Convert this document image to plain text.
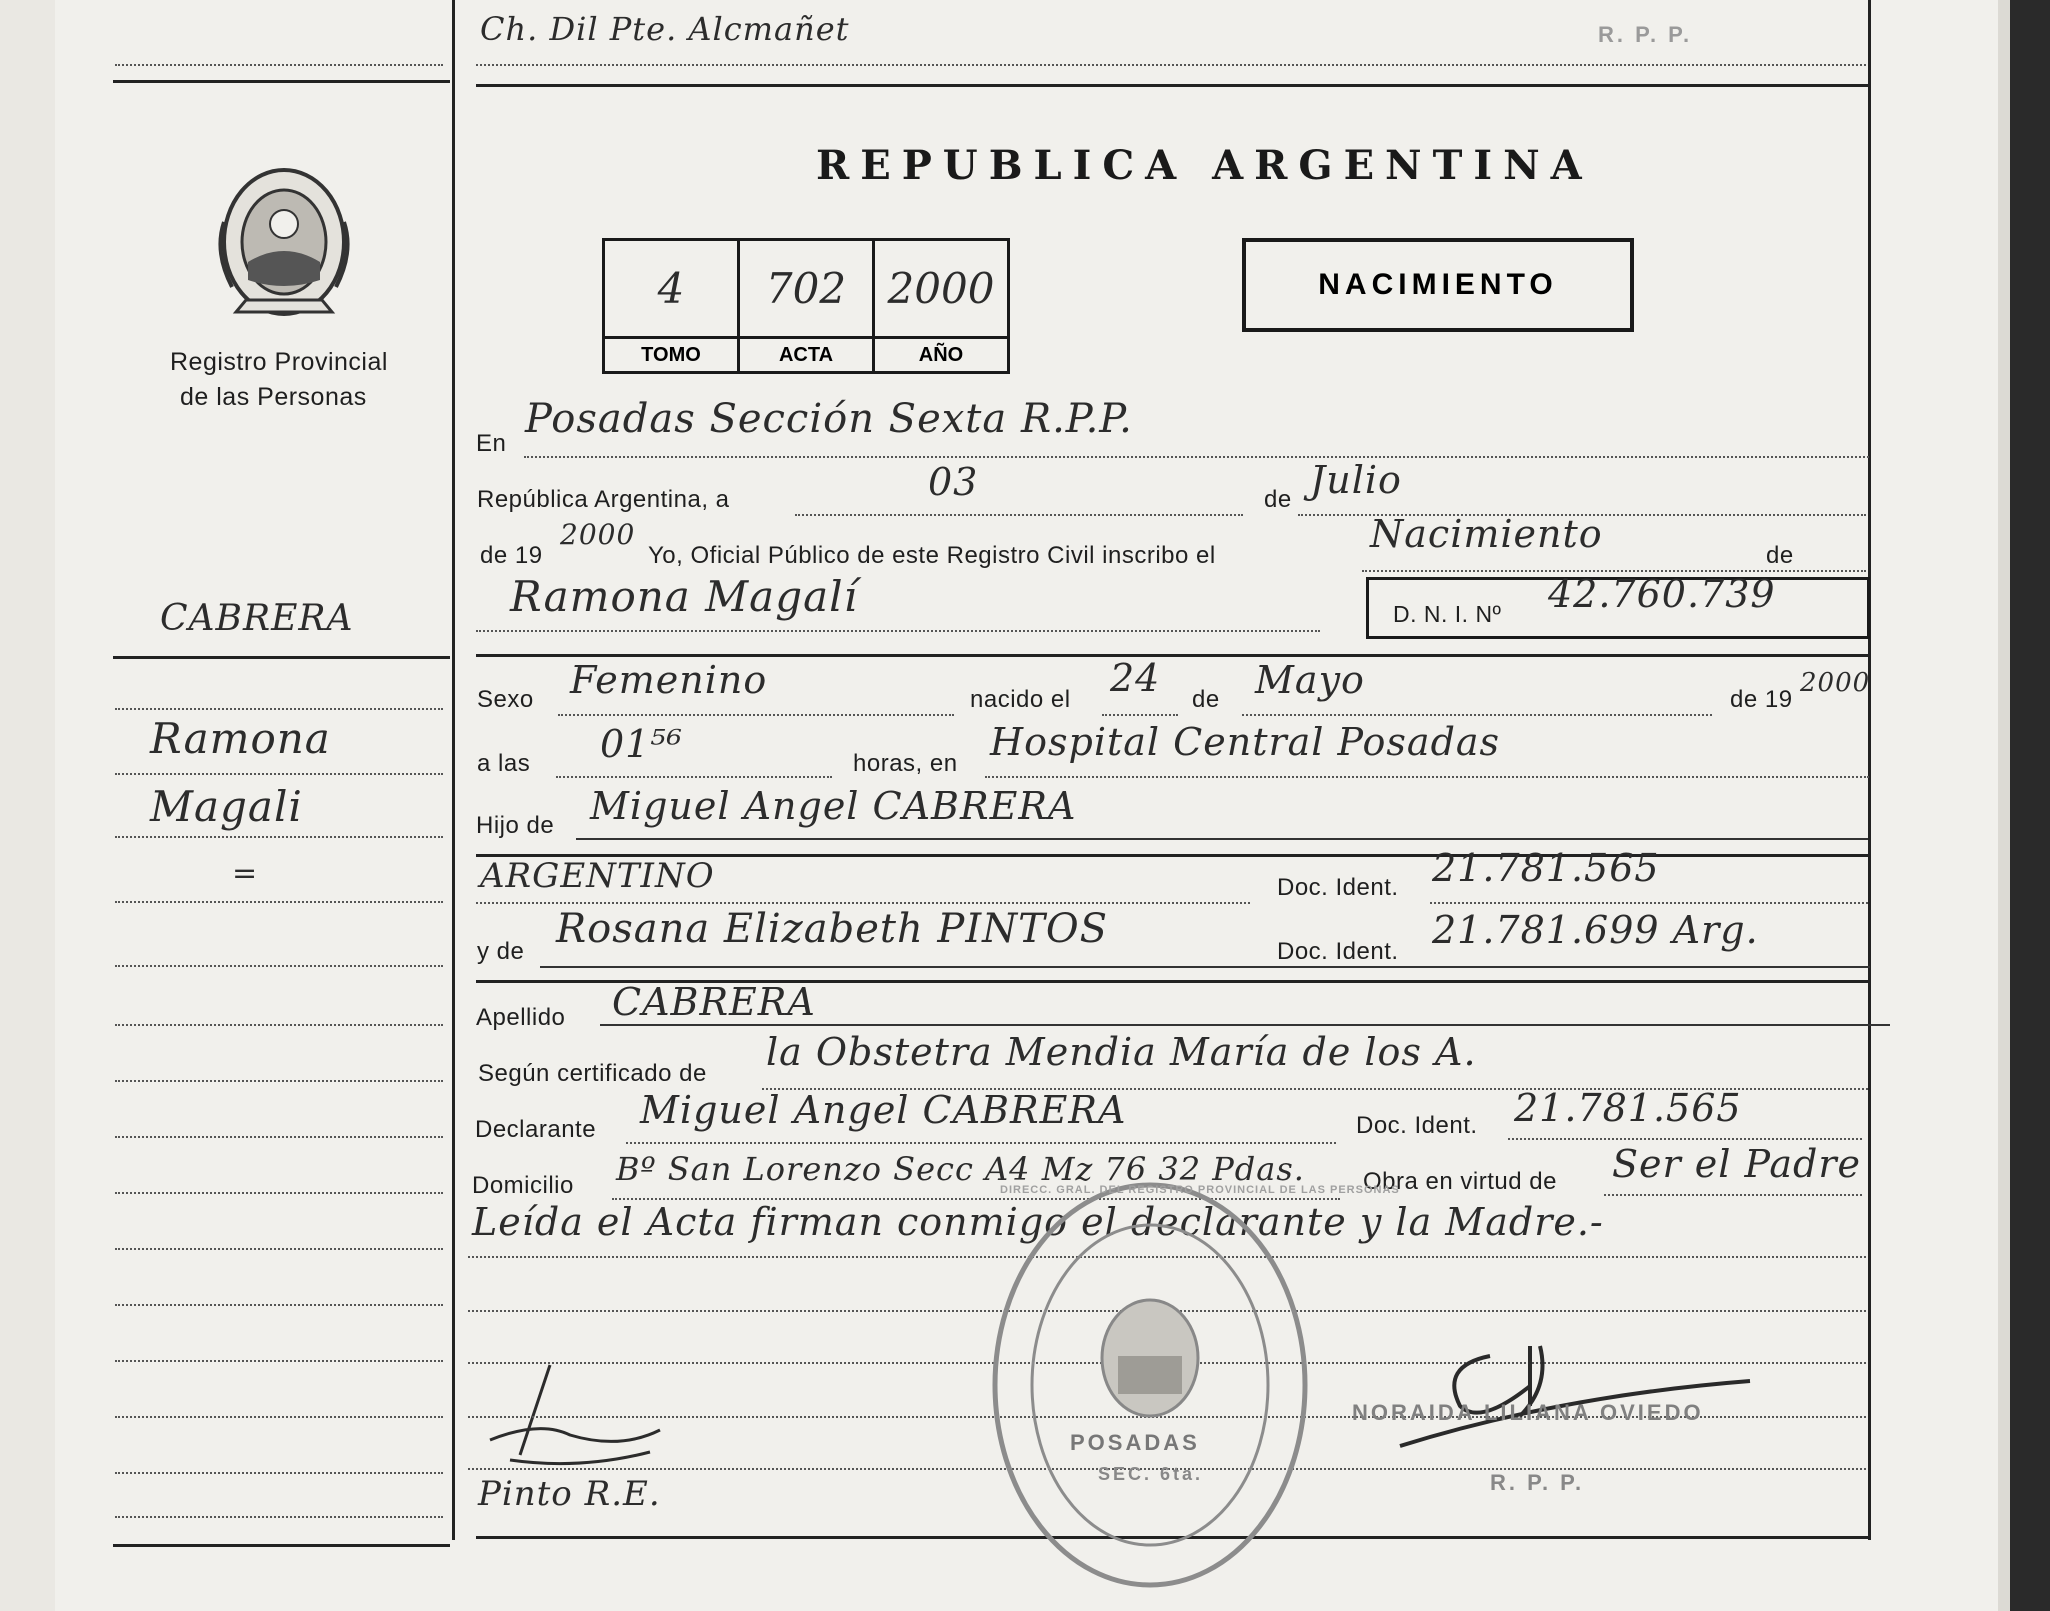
Ch. Dil Pte. Alcmañet	R. P. P.
Registro Provincial
de las Personas
REPUBLICA ARGENTINA
NACIMIENTO
4	702	2000
TOMO	ACTA	AÑO
CABRERA
Ramona
Magali
=
Pinto R.E.
En
Posadas Sección Sexta R.P.P.
República Argentina, a	03	de Julio
de 19
2000
Yo, Oficial Público de este Registro Civil inscribo el	Nacimiento	de
Ramona Magalí	D. N. I. Nº 42.760.739
Sexo Femenino	nacido el 24 de Mayo	de 19
2000
a las 01⁵⁶	horas, en Hospital Central Posadas
Hijo de Miguel Angel CABRERA
ARGENTINO	Doc. Ident. 21.781.565
y de Rosana Elizabeth PINTOS	Doc. Ident. 21.781.699 Arg.
Apellido CABRERA
Según certificado de la Obstetra Mendia María de los A.
Declarante Miguel Angel CABRERA	Doc. Ident. 21.781.565
Domicilio Bº San Lorenzo Secc A4 Mz 76 32 Pdas. Obra en virtud de Ser el Padre
Leída el Acta firman conmigo el declarante y la Madre.-
POSADAS
SEC. 6ta.
DIRECC. GRAL. DEL REGISTRO PROVINCIAL DE LAS PERSONAS
NORAIDA LILIANA OVIEDO
R. P. P.
